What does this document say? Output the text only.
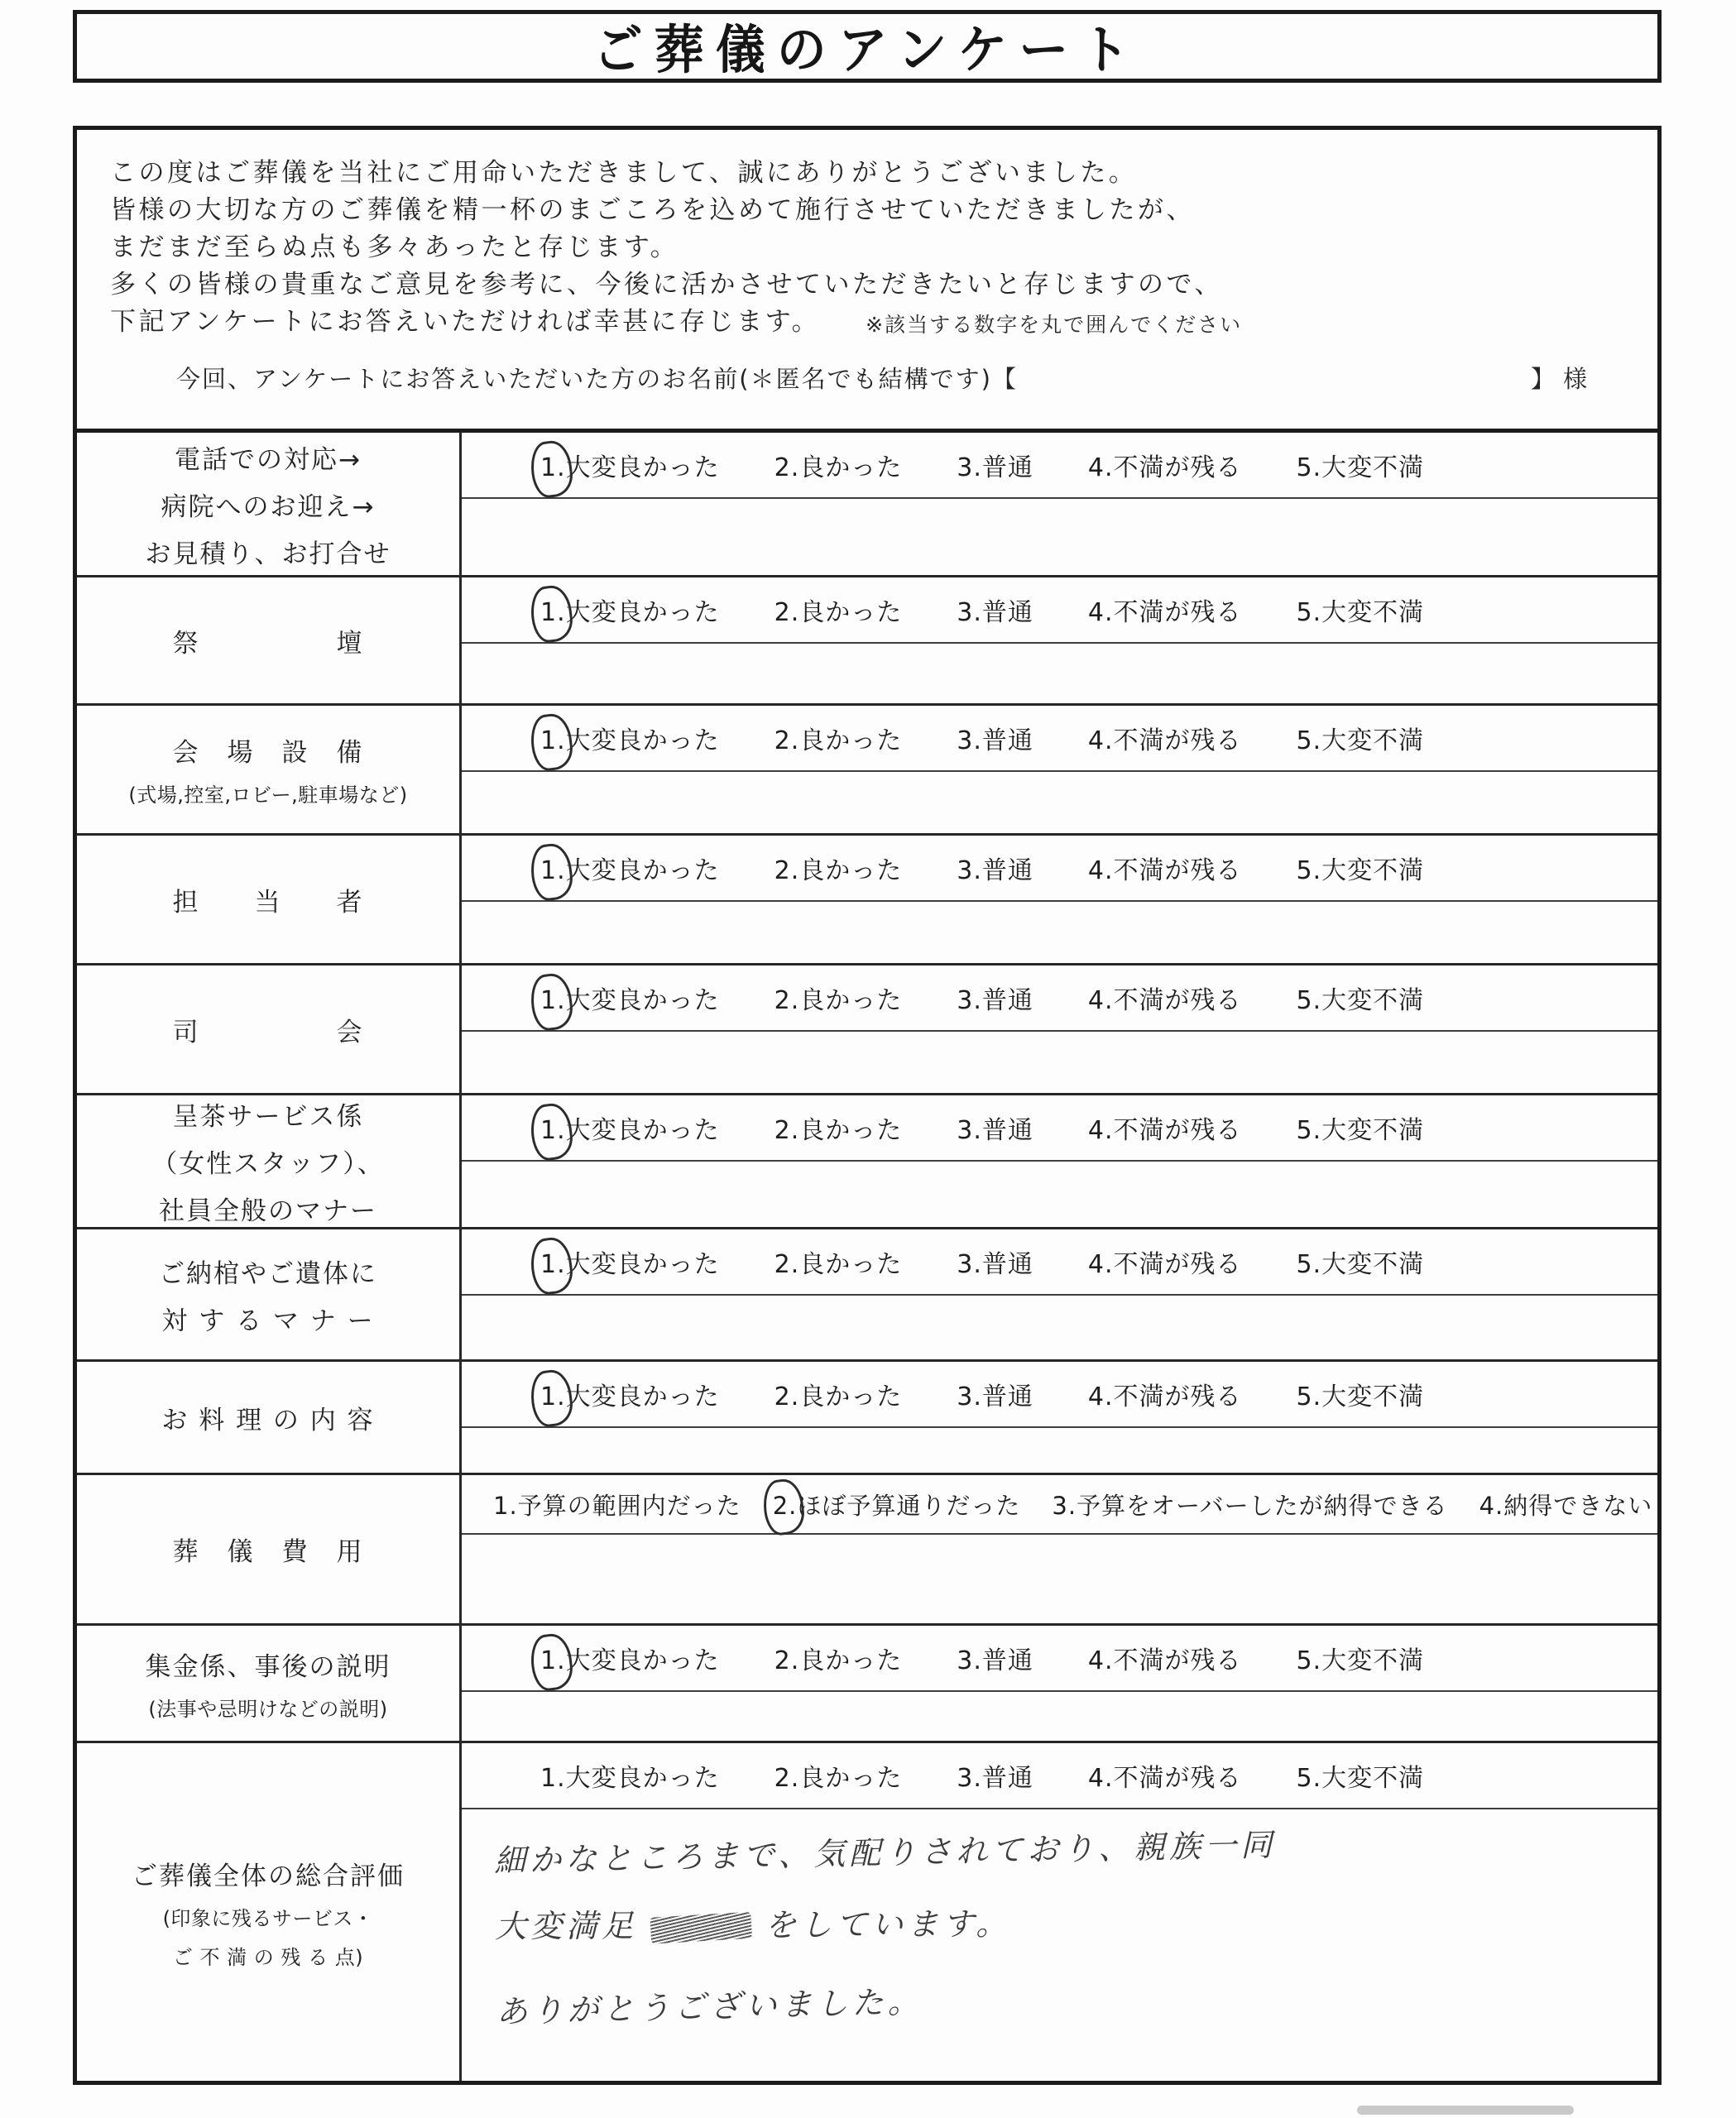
ご葬儀のアンケート
この度はご葬儀を当社にご用命いただきまして、誠にありがとうございました。
皆様の大切な方のご葬儀を精一杯のまごころを込めて施行させていただきましたが、
まだまだ至らぬ点も多々あったと存じます。
多くの皆様の貴重なご意見を参考に、今後に活かさせていただきたいと存じますので、
下記アンケートにお答えいただければ幸甚に存じます。 ※該当する数字を丸で囲んでください
今回、アンケートにお答えいただいた方のお名前(＊匿名でも結構です)【	】様
電話での対応→
病院へのお迎え→
お見積り、お打合せ
1.大変良かった 2.良かった 3.普通 4.不満が残る 5.大変不満
祭　　　　　壇
1.大変良かった 2.良かった 3.普通 4.不満が残る 5.大変不満
会　場　設　備
(式場,控室,ロビー,駐車場など)
1.大変良かった 2.良かった 3.普通 4.不満が残る 5.大変不満
担　　当　　者
1.大変良かった 2.良かった 3.普通 4.不満が残る 5.大変不満
司　　　　　会
1.大変良かった 2.良かった 3.普通 4.不満が残る 5.大変不満
呈茶サービス係
（女性スタッフ）、
社員全般のマナー
1.大変良かった 2.良かった 3.普通 4.不満が残る 5.大変不満
ご納棺やご遺体に
対 す る マ ナ ー
1.大変良かった 2.良かった 3.普通 4.不満が残る 5.大変不満
お 料 理 の 内 容
1.大変良かった 2.良かった 3.普通 4.不満が残る 5.大変不満
葬　儀　費　用
1.予算の範囲内だった 2.ほぼ予算通りだった 3.予算をオーバーしたが納得できる 4.納得できない
集金係、事後の説明
(法事や忌明けなどの説明)
1.大変良かった 2.良かった 3.普通 4.不満が残る 5.大変不満
ご葬儀全体の総合評価
(印象に残るサービス・
ご 不 満 の 残 る 点)
1.大変良かった 2.良かった 3.普通 4.不満が残る 5.大変不満
細かなところまで、気配りされており、親族一同
大変満足	をしています。
ありがとうございました。
